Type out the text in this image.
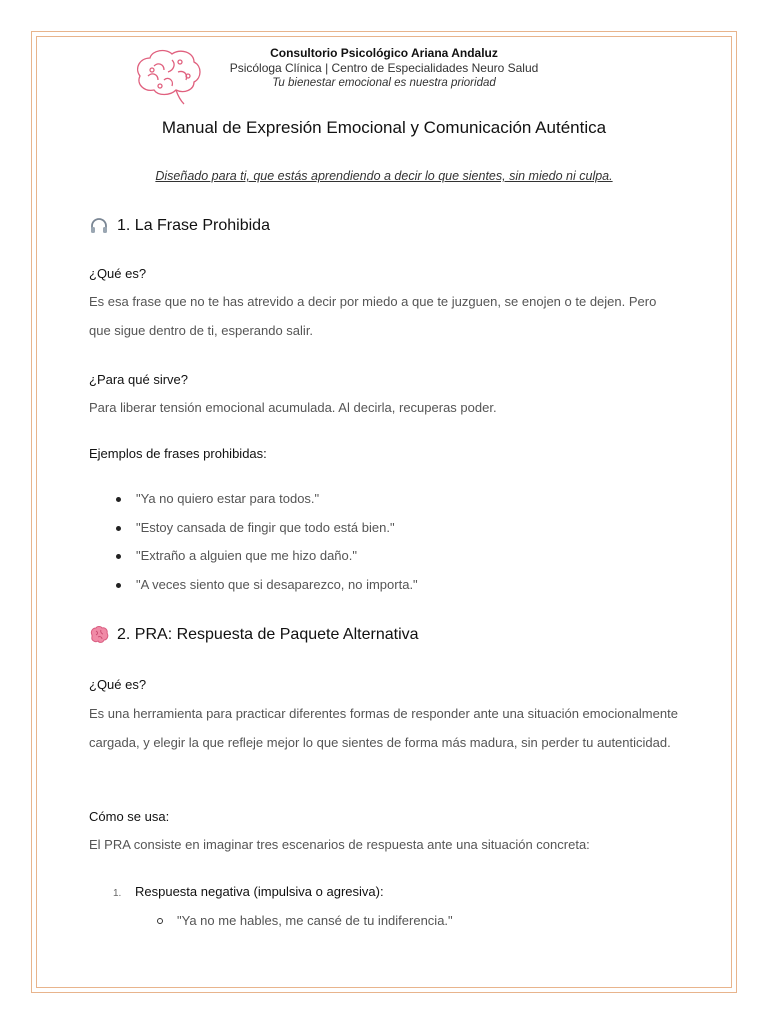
Consultorio Psicológico Ariana Andaluz
Psicóloga Clínica | Centro de Especialidades Neuro Salud
Tu bienestar emocional es nuestra prioridad
Manual de Expresión Emocional y Comunicación Auténtica
Diseñado para ti, que estás aprendiendo a decir lo que sientes, sin miedo ni culpa.
1. La Frase Prohibida
¿Qué es?
Es esa frase que no te has atrevido a decir por miedo a que te juzguen, se enojen o te dejen. Pero que sigue dentro de ti, esperando salir.
¿Para qué sirve?
Para liberar tensión emocional acumulada. Al decirla, recuperas poder.
Ejemplos de frases prohibidas:
"Ya no quiero estar para todos."
"Estoy cansada de fingir que todo está bien."
"Extraño a alguien que me hizo daño."
"A veces siento que si desaparezco, no importa."
2. PRA: Respuesta de Paquete Alternativa
¿Qué es?
Es una herramienta para practicar diferentes formas de responder ante una situación emocionalmente cargada, y elegir la que refleje mejor lo que sientes de forma más madura, sin perder tu autenticidad.
Cómo se usa:
El PRA consiste en imaginar tres escenarios de respuesta ante una situación concreta:
1. Respuesta negativa (impulsiva o agresiva):
"Ya no me hables, me cansé de tu indiferencia."
